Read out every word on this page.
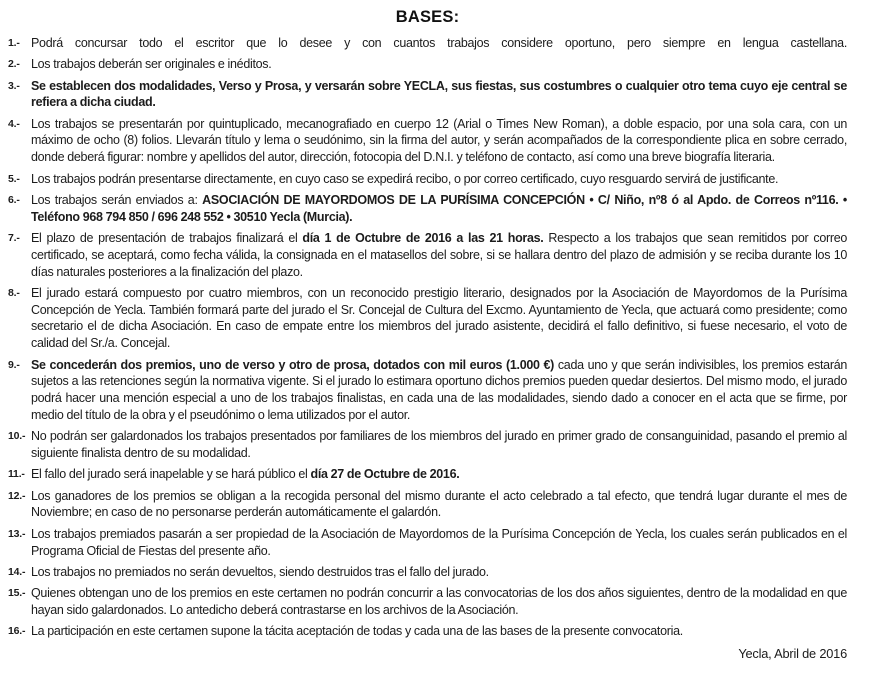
BASES:
1.- Podrá concursar todo el escritor que lo desee y con cuantos trabajos considere oportuno, pero siempre en lengua castellana.

2.- Los trabajos deberán ser originales e inéditos.

3.- Se establecen dos modalidades, Verso y Prosa, y versarán sobre YECLA, sus fiestas, sus costumbres o cualquier otro tema cuyo eje central se refiera a dicha ciudad.

4.- Los trabajos se presentarán por quintuplicado, mecanografiado en cuerpo 12 (Arial o Times New Roman), a doble espacio, por una sola cara, con un máximo de ocho (8) folios. Llevarán título y lema o seudónimo, sin la firma del autor, y serán acompañados de la correspondiente plica en sobre cerrado, donde deberá figurar: nombre y apellidos del autor, dirección, fotocopia del D.N.I. y teléfono de contacto, así como una breve biografía literaria.

5.- Los trabajos podrán presentarse directamente, en cuyo caso se expedirá recibo, o por correo certificado, cuyo resguardo servirá de justificante.

6.- Los trabajos serán enviados a: ASOCIACIÓN DE MAYORDOMOS DE LA PURÍSIMA CONCEPCIÓN • C/ Niño, nº8 ó al Apdo. de Correos nº116. • Teléfono 968 794 850 / 696 248 552 • 30510 Yecla (Murcia).

7.- El plazo de presentación de trabajos finalizará el día 1 de Octubre de 2016 a las 21 horas. Respecto a los trabajos que sean remitidos por correo certificado, se aceptará, como fecha válida, la consignada en el matasellos del sobre, si se hallara dentro del plazo de admisión y se reciba durante los 10 días naturales posteriores a la finalización del plazo.

8.- El jurado estará compuesto por cuatro miembros, con un reconocido prestigio literario, designados por la Asociación de Mayordomos de la Purísima Concepción de Yecla. También formará parte del jurado el Sr. Concejal de Cultura del Excmo. Ayuntamiento de Yecla, que actuará como presidente; como secretario el de dicha Asociación. En caso de empate entre los miembros del jurado asistente, decidirá el fallo definitivo, si fuese necesario, el voto de calidad del Sr./a. Concejal.

9.- Se concederán dos premios, uno de verso y otro de prosa, dotados con mil euros (1.000 €) cada uno y que serán indivisibles, los premios estarán sujetos a las retenciones según la normativa vigente. Si el jurado lo estimara oportuno dichos premios pueden quedar desiertos. Del mismo modo, el jurado podrá hacer una mención especial a uno de los trabajos finalistas, en cada una de las modalidades, siendo dado a conocer en el acta que se firme, por medio del título de la obra y el pseudónimo o lema utilizados por el autor.

10.- No podrán ser galardonados los trabajos presentados por familiares de los miembros del jurado en primer grado de consanguinidad, pasando el premio al siguiente finalista dentro de su modalidad.

11.- El fallo del jurado será inapelable y se hará público el día 27 de Octubre de 2016.

12.- Los ganadores de los premios se obligan a la recogida personal del mismo durante el acto celebrado a tal efecto, que tendrá lugar durante el mes de Noviembre; en caso de no personarse perderán automáticamente el galardón.

13.- Los trabajos premiados pasarán a ser propiedad de la Asociación de Mayordomos de la Purísima Concepción de Yecla, los cuales serán publicados en el Programa Oficial de Fiestas del presente año.

14.- Los trabajos no premiados no serán devueltos, siendo destruidos tras el fallo del jurado.

15.- Quienes obtengan uno de los premios en este certamen no podrán concurrir a las convocatorias de los dos años siguientes, dentro de la modalidad en que hayan sido galardonados. Lo antedicho deberá contrastarse en los archivos de la Asociación.

16.- La participación en este certamen supone la tácita aceptación de todas y cada una de las bases de la presente convocatoria.

Yecla, Abril de 2016
